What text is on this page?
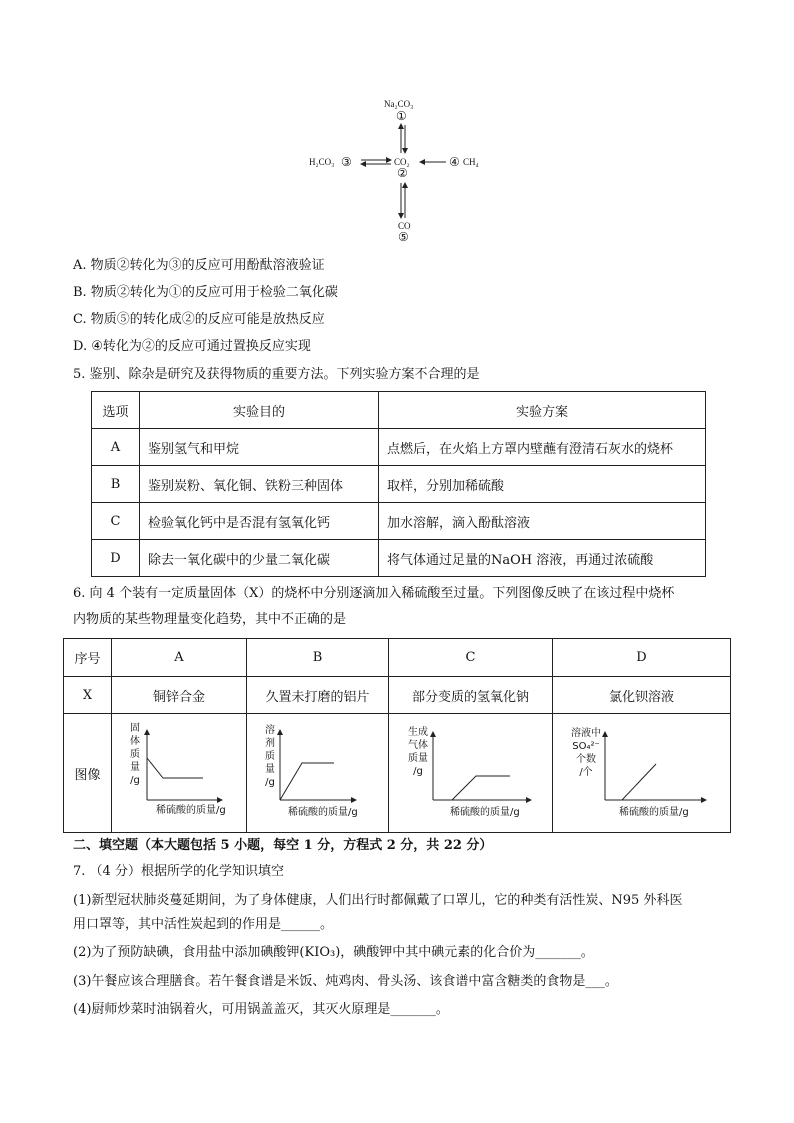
Na₂CO₃
①
H₂CO₃ ③	CO₂
②
④ CH₄
CO
⑤
A. 物质②转化为③的反应可用酚酞溶液验证
B. 物质②转化为①的反应可用于检验二氧化碳
C. 物质⑤的转化成②的反应可能是放热反应
D. ④转化为②的反应可通过置换反应实现
5. 鉴别、除杂是研究及获得物质的重要方法。下列实验方案不合理的是
选项	实验目的	实验方案
A	鉴别氢气和甲烷	点燃后，在火焰上方罩内壁蘸有澄清石灰水的烧杯
B	鉴别炭粉、氧化铜、铁粉三种固体	取样，分别加稀硫酸
C	检验氧化钙中是否混有氢氧化钙	加水溶解，滴入酚酞溶液
D	除去一氧化碳中的少量二氧化碳	将气体通过足量的NaOH 溶液，再通过浓硫酸
6. 向 4 个装有一定质量固体（X）的烧杯中分别逐滴加入稀硫酸至过量。下列图像反映了在该过程中烧杯
内物质的某些物理量变化趋势，其中不正确的是
序号	A	B	C	D
X	铜锌合金	久置未打磨的铝片	部分变质的氢氧化钠	氯化钡溶液
图像				
固
体
质
量
/g
溶
剂
质
量
/g
生成
气体
质量
/g
溶液中
SO₄²⁻
个数
/个
稀硫酸的质量/g	稀硫酸的质量/g	稀硫酸的质量/g	稀硫酸的质量/g
二、填空题（本大题包括 5 小题，每空 1 分，方程式 2 分，共 22 分）
7. （4 分）根据所学的化学知识填空
(1)新型冠状肺炎蔓延期间，为了身体健康，人们出行时都佩戴了口罩儿，它的种类有活性炭、N95 外科医
用口罩等，其中活性炭起到的作用是______。
(2)为了预防缺碘，食用盐中添加碘酸钾(KIO₃)，碘酸钾中其中碘元素的化合价为_______。
(3)午餐应该合理膳食。若午餐食谱是米饭、炖鸡肉、骨头汤、该食谱中富含糖类的食物是___。
(4)厨师炒菜时油锅着火，可用锅盖盖灭，其灭火原理是_______。
